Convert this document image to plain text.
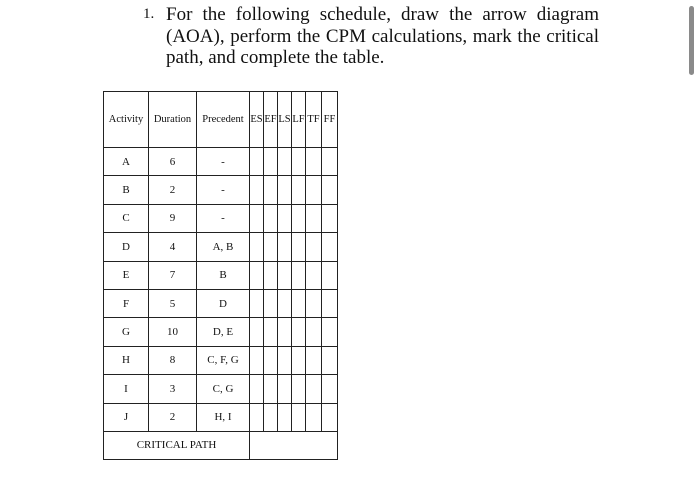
1. For the following schedule, draw the arrow diagram (AOA), perform the CPM calculations, mark the critical path, and complete the table.
Activity	Duration	Precedent	ES	EF	LS	LF	TF	FF
A	6	-						
B	2	-						
C	9	-						
D	4	A, B						
E	7	B						
F	5	D						
G	10	D, E						
H	8	C, F, G						
I	3	C, G						
J	2	H, I						
CRITICAL PATH								
